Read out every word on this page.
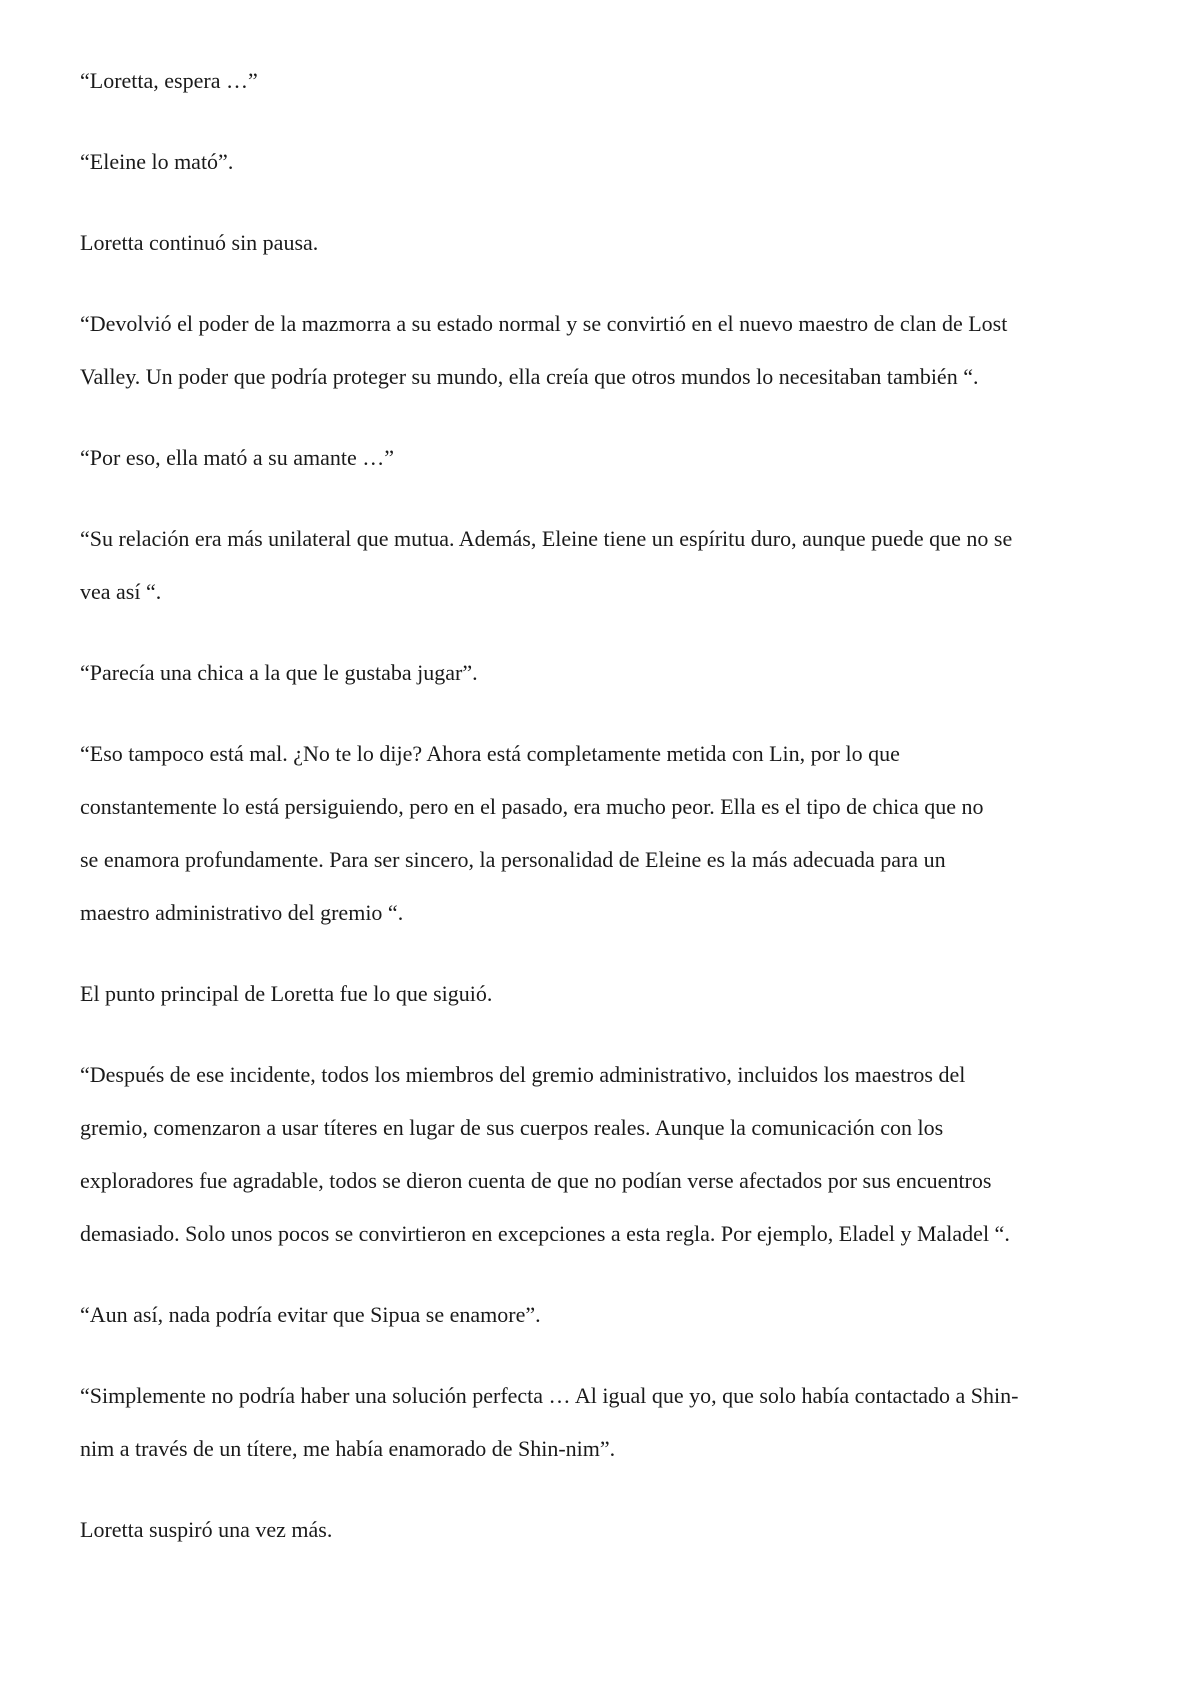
“Loretta, espera …”

“Eleine lo mató”.

Loretta continuó sin pausa.

“Devolvió el poder de la mazmorra a su estado normal y se convirtió en el nuevo maestro de clan de Lost
Valley. Un poder que podría proteger su mundo, ella creía que otros mundos lo necesitaban también “.

“Por eso, ella mató a su amante …”

“Su relación era más unilateral que mutua. Además, Eleine tiene un espíritu duro, aunque puede que no se
vea así “.

“Parecía una chica a la que le gustaba jugar”.

“Eso tampoco está mal. ¿No te lo dije? Ahora está completamente metida con Lin, por lo que
constantemente lo está persiguiendo, pero en el pasado, era mucho peor. Ella es el tipo de chica que no
se enamora profundamente. Para ser sincero, la personalidad de Eleine es la más adecuada para un
maestro administrativo del gremio “.

El punto principal de Loretta fue lo que siguió.

“Después de ese incidente, todos los miembros del gremio administrativo, incluidos los maestros del
gremio, comenzaron a usar títeres en lugar de sus cuerpos reales. Aunque la comunicación con los
exploradores fue agradable, todos se dieron cuenta de que no podían verse afectados por sus encuentros
demasiado. Solo unos pocos se convirtieron en excepciones a esta regla. Por ejemplo, Eladel y Maladel “.

“Aun así, nada podría evitar que Sipua se enamore”.

“Simplemente no podría haber una solución perfecta … Al igual que yo, que solo había contactado a Shin-
nim a través de un títere, me había enamorado de Shin-nim”.

Loretta suspiró una vez más.
